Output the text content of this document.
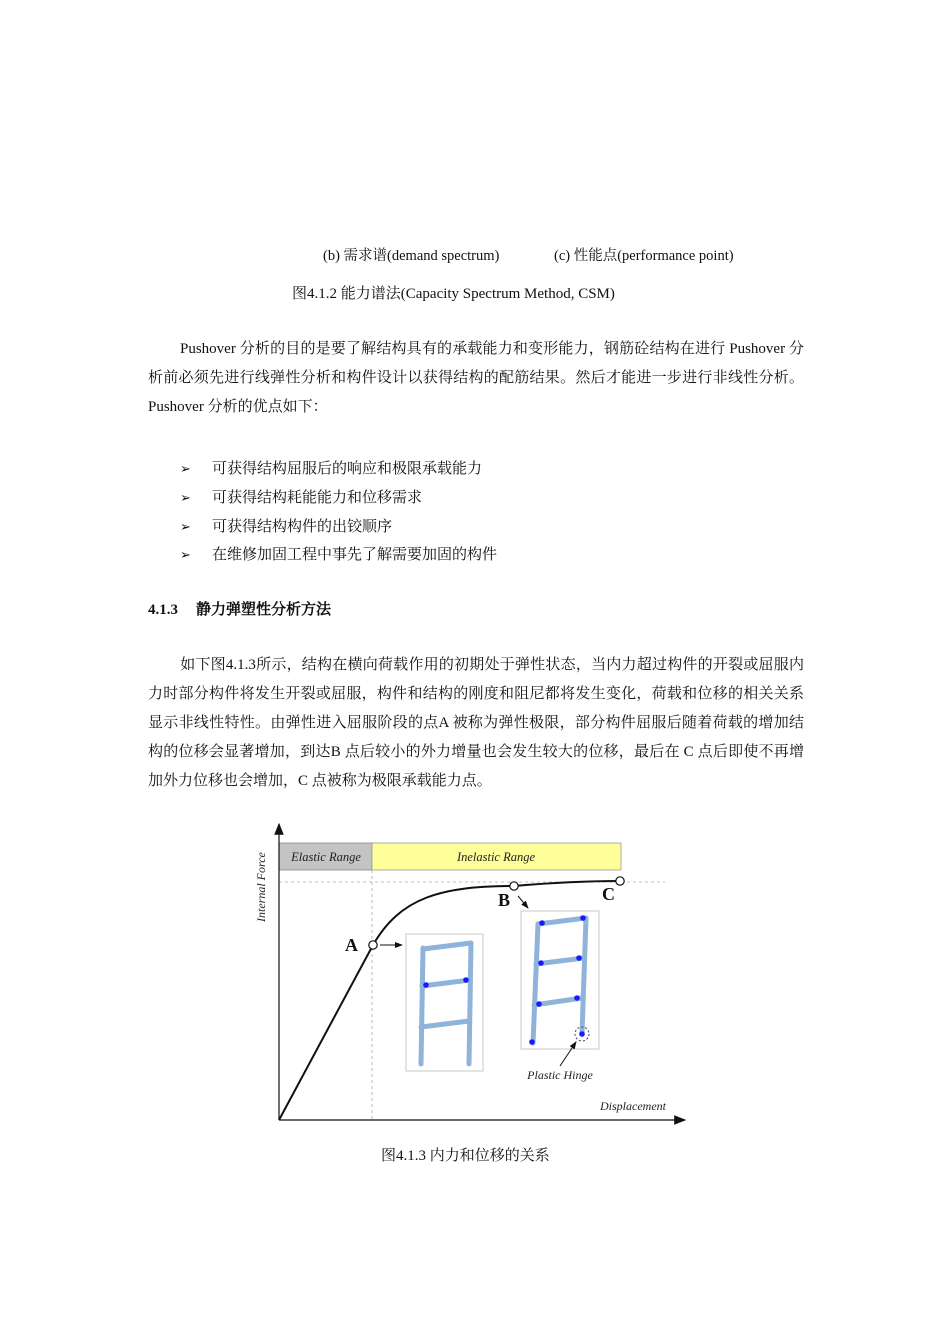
(b) 需求谱(demand spectrum)	(c) 性能点(performance point)
图4.1.2 能力谱法(Capacity Spectrum Method, CSM)
Pushover 分析的目的是要了解结构具有的承载能力和变形能力，钢筋砼结构在进行 Pushover 分析前必须先进行线弹性分析和构件设计以获得结构的配筋结果。然后才能进一步进行非线性分析。Pushover 分析的优点如下：
➢	可获得结构屈服后的响应和极限承载能力
➢	可获得结构耗能能力和位移需求
➢	可获得结构构件的出铰顺序
➢	在维修加固工程中事先了解需要加固的构件
4.1.3 静力弹塑性分析方法
如下图4.1.3所示，结构在横向荷载作用的初期处于弹性状态，当内力超过构件的开裂或屈服内力时部分构件将发生开裂或屈服，构件和结构的刚度和阻尼都将发生变化，荷载和位移的相关关系显示非线性特性。由弹性进入屈服阶段的点A 被称为弹性极限，部分构件屈服后随着荷载的增加结构的位移会显著增加，到达B 点后较小的外力增量也会发生较大的位移，最后在 C 点后即使不再增加外力位移也会增加，C 点被称为极限承载能力点。
Elastic Range	Inelastic Range
Internal Force
Displacement
A
B	C
Plastic Hinge
图4.1.3 内力和位移的关系
